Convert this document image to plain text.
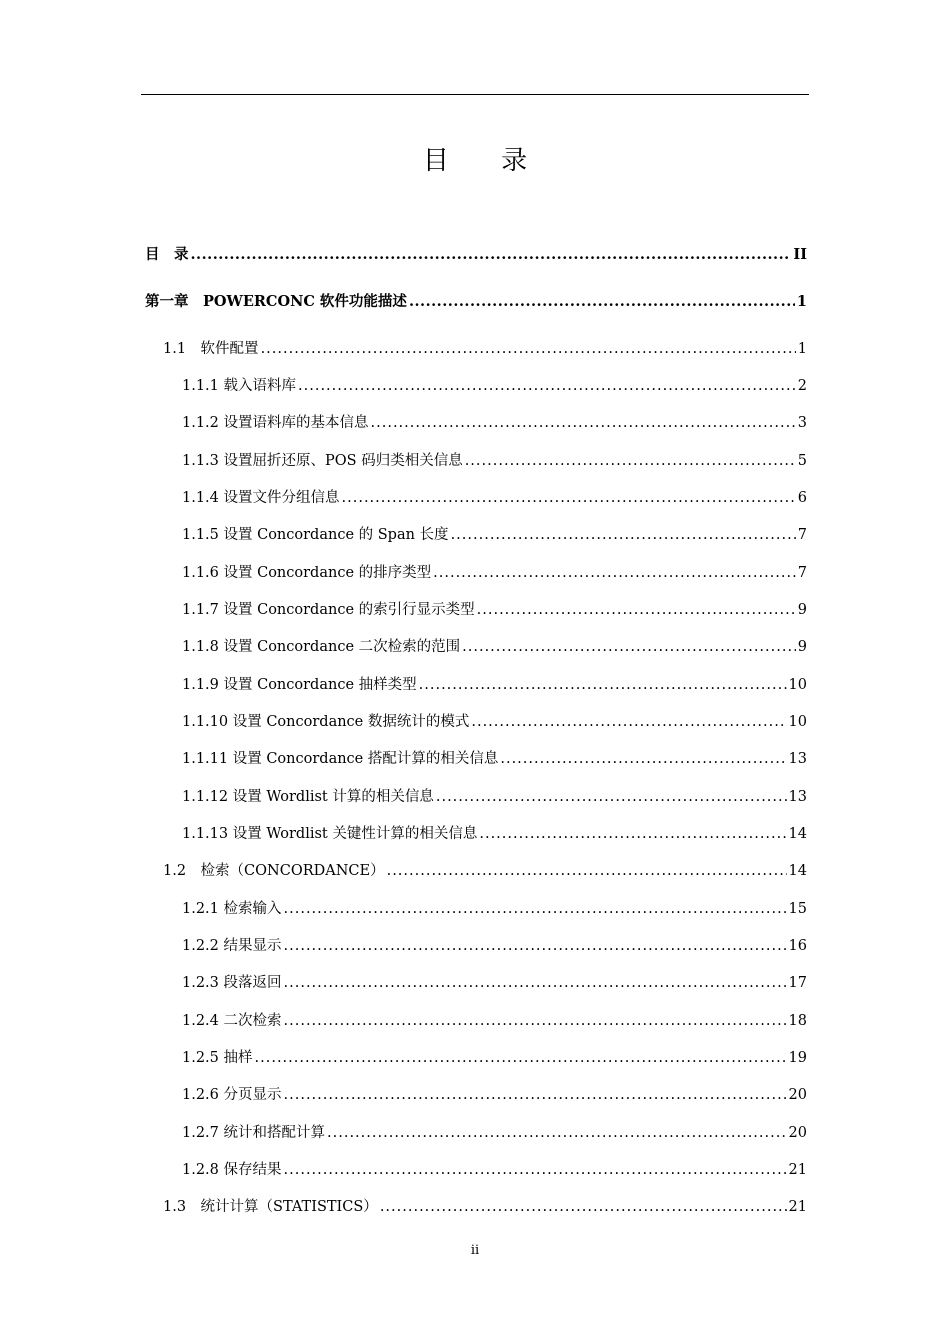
目 录
目　录 .....	II
第一章　POWERCONC 软件功能描述 .....	1
1.1　软件配置 .....	1
1.1.1 载入语料库 .....	2
1.1.2 设置语料库的基本信息 .....	3
1.1.3 设置屈折还原、POS 码归类相关信息 .....	5
1.1.4 设置文件分组信息 .....	6
1.1.5 设置 Concordance 的 Span 长度 .....	7
1.1.6 设置 Concordance 的排序类型 .....	7
1.1.7 设置 Concordance 的索引行显示类型 .....	9
1.1.8 设置 Concordance 二次检索的范围 .....	9
1.1.9 设置 Concordance 抽样类型 .....	10
1.1.10 设置 Concordance 数据统计的模式 .....	10
1.1.11 设置 Concordance 搭配计算的相关信息 .....	13
1.1.12 设置 Wordlist 计算的相关信息 .....	13
1.1.13 设置 Wordlist 关键性计算的相关信息 .....	14
1.2　检索（CONCORDANCE） .....	14
1.2.1 检索输入 .....	15
1.2.2 结果显示 .....	16
1.2.3 段落返回 .....	17
1.2.4 二次检索 .....	18
1.2.5 抽样 .....	19
1.2.6 分页显示 .....	20
1.2.7 统计和搭配计算 .....	20
1.2.8 保存结果 .....	21
1.3　统计计算（STATISTICS） .....	21
ii
